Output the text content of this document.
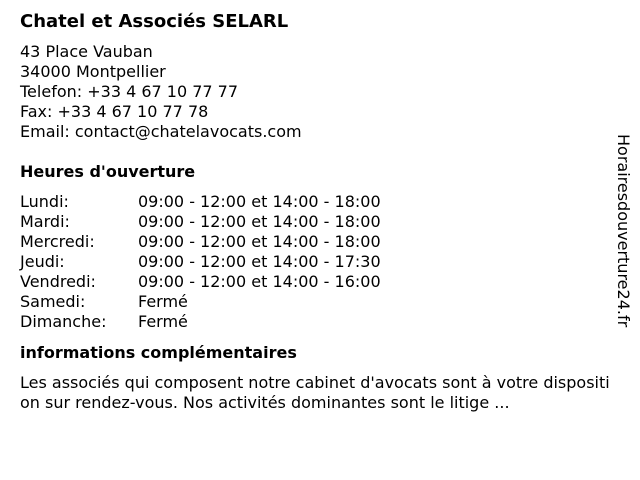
Chatel et Associés SELARL
43 Place Vauban
34000 Montpellier
Telefon: +33 4 67 10 77 77
Fax: +33 4 67 10 77 78
Email: contact@chatelavocats.com
Heures d'ouverture
Lundi:	09:00 - 12:00 et 14:00 - 18:00
Mardi:	09:00 - 12:00 et 14:00 - 18:00
Mercredi:	09:00 - 12:00 et 14:00 - 18:00
Jeudi:	09:00 - 12:00 et 14:00 - 17:30
Vendredi:	09:00 - 12:00 et 14:00 - 16:00
Samedi:	Fermé
Dimanche:	Fermé
informations complémentaires
Les associés qui composent notre cabinet d'avocats sont à votre disposition sur rendez-vous. Nos activités dominantes sont le litige ...
Horairesdouverture24.fr
